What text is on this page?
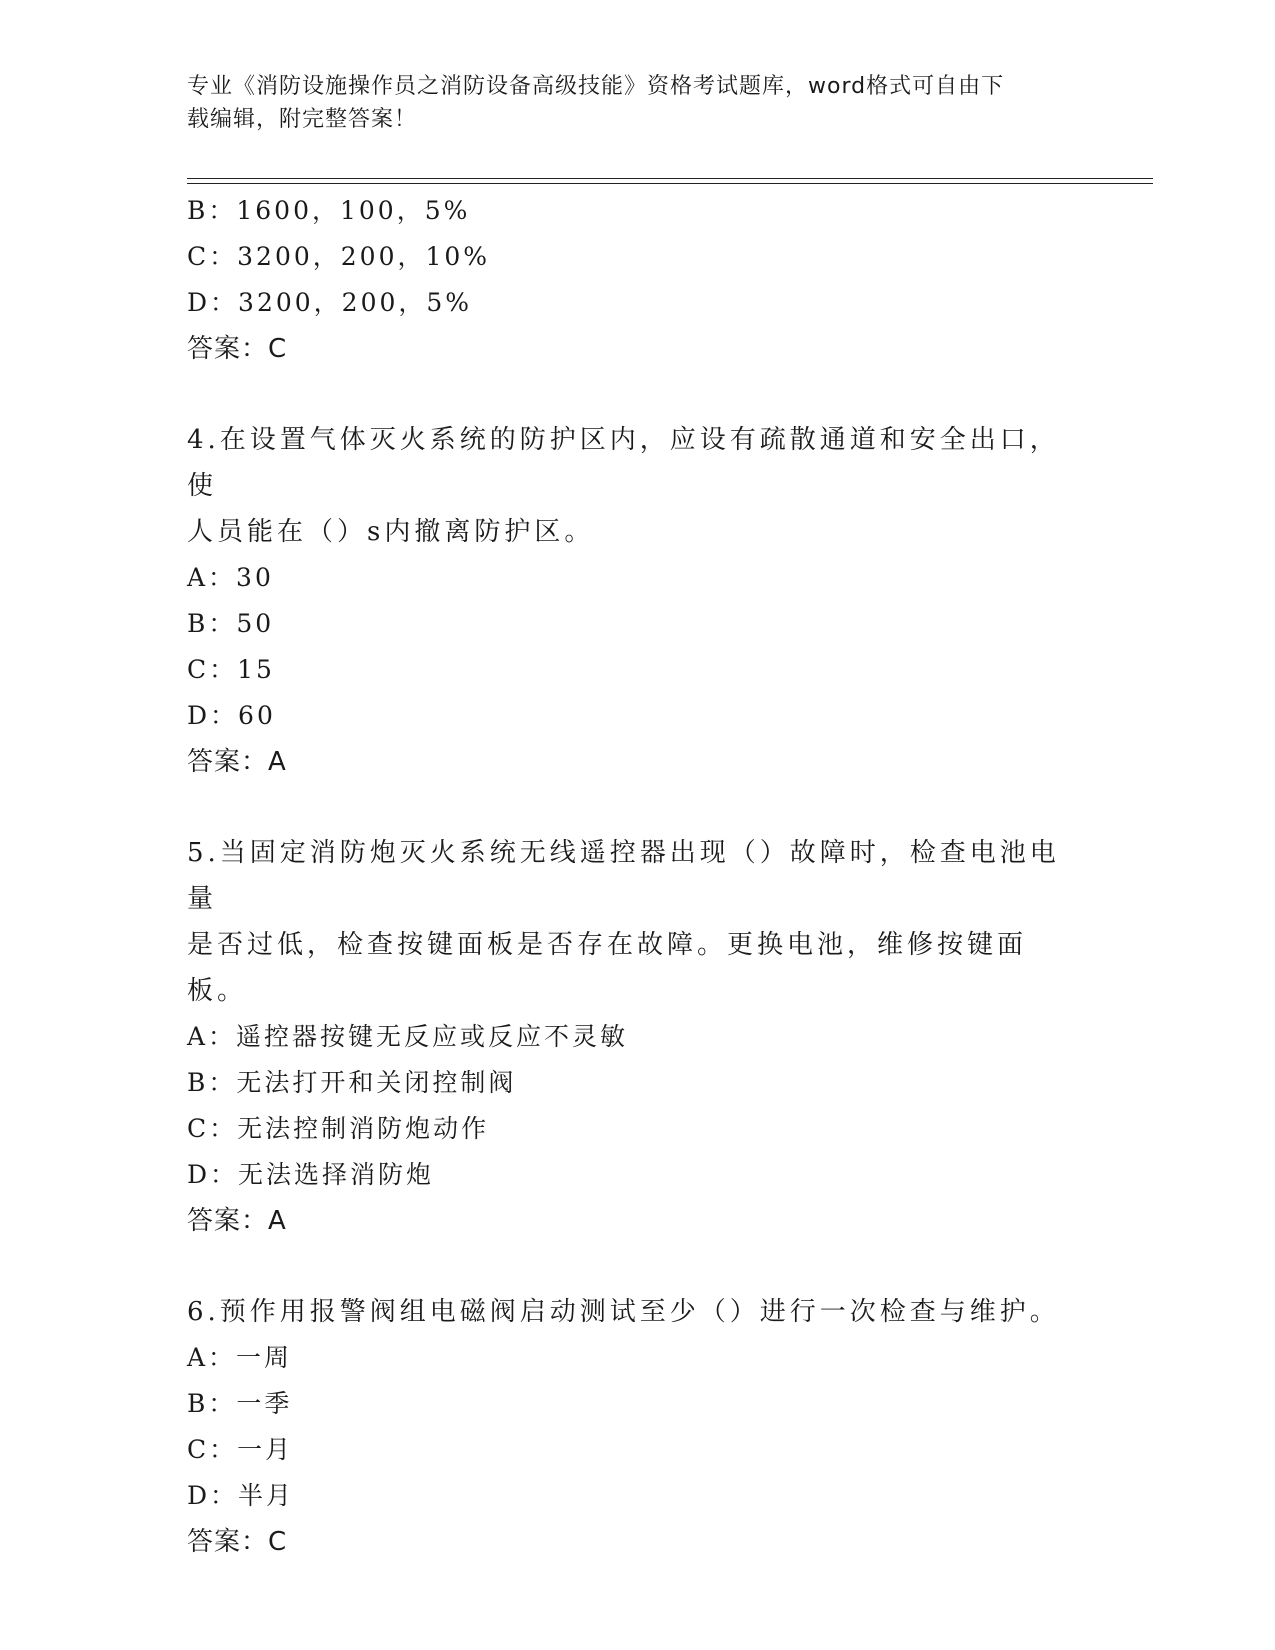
专业《消防设施操作员之消防设备高级技能》资格考试题库，word格式可自由下
载编辑，附完整答案！
B：1600，100，5%
C：3200，200，10%
D：3200，200，5%
答案：C
4.在设置气体灭火系统的防护区内，应设有疏散通道和安全出口，使
人员能在（）s内撤离防护区。
A：30
B：50
C：15
D：60
答案：A
5.当固定消防炮灭火系统无线遥控器出现（）故障时，检查电池电量
是否过低，检查按键面板是否存在故障。更换电池，维修按键面板。
A：遥控器按键无反应或反应不灵敏
B：无法打开和关闭控制阀
C：无法控制消防炮动作
D：无法选择消防炮
答案：A
6.预作用报警阀组电磁阀启动测试至少（）进行一次检查与维护。
A：一周
B：一季
C：一月
D：半月
答案：C
